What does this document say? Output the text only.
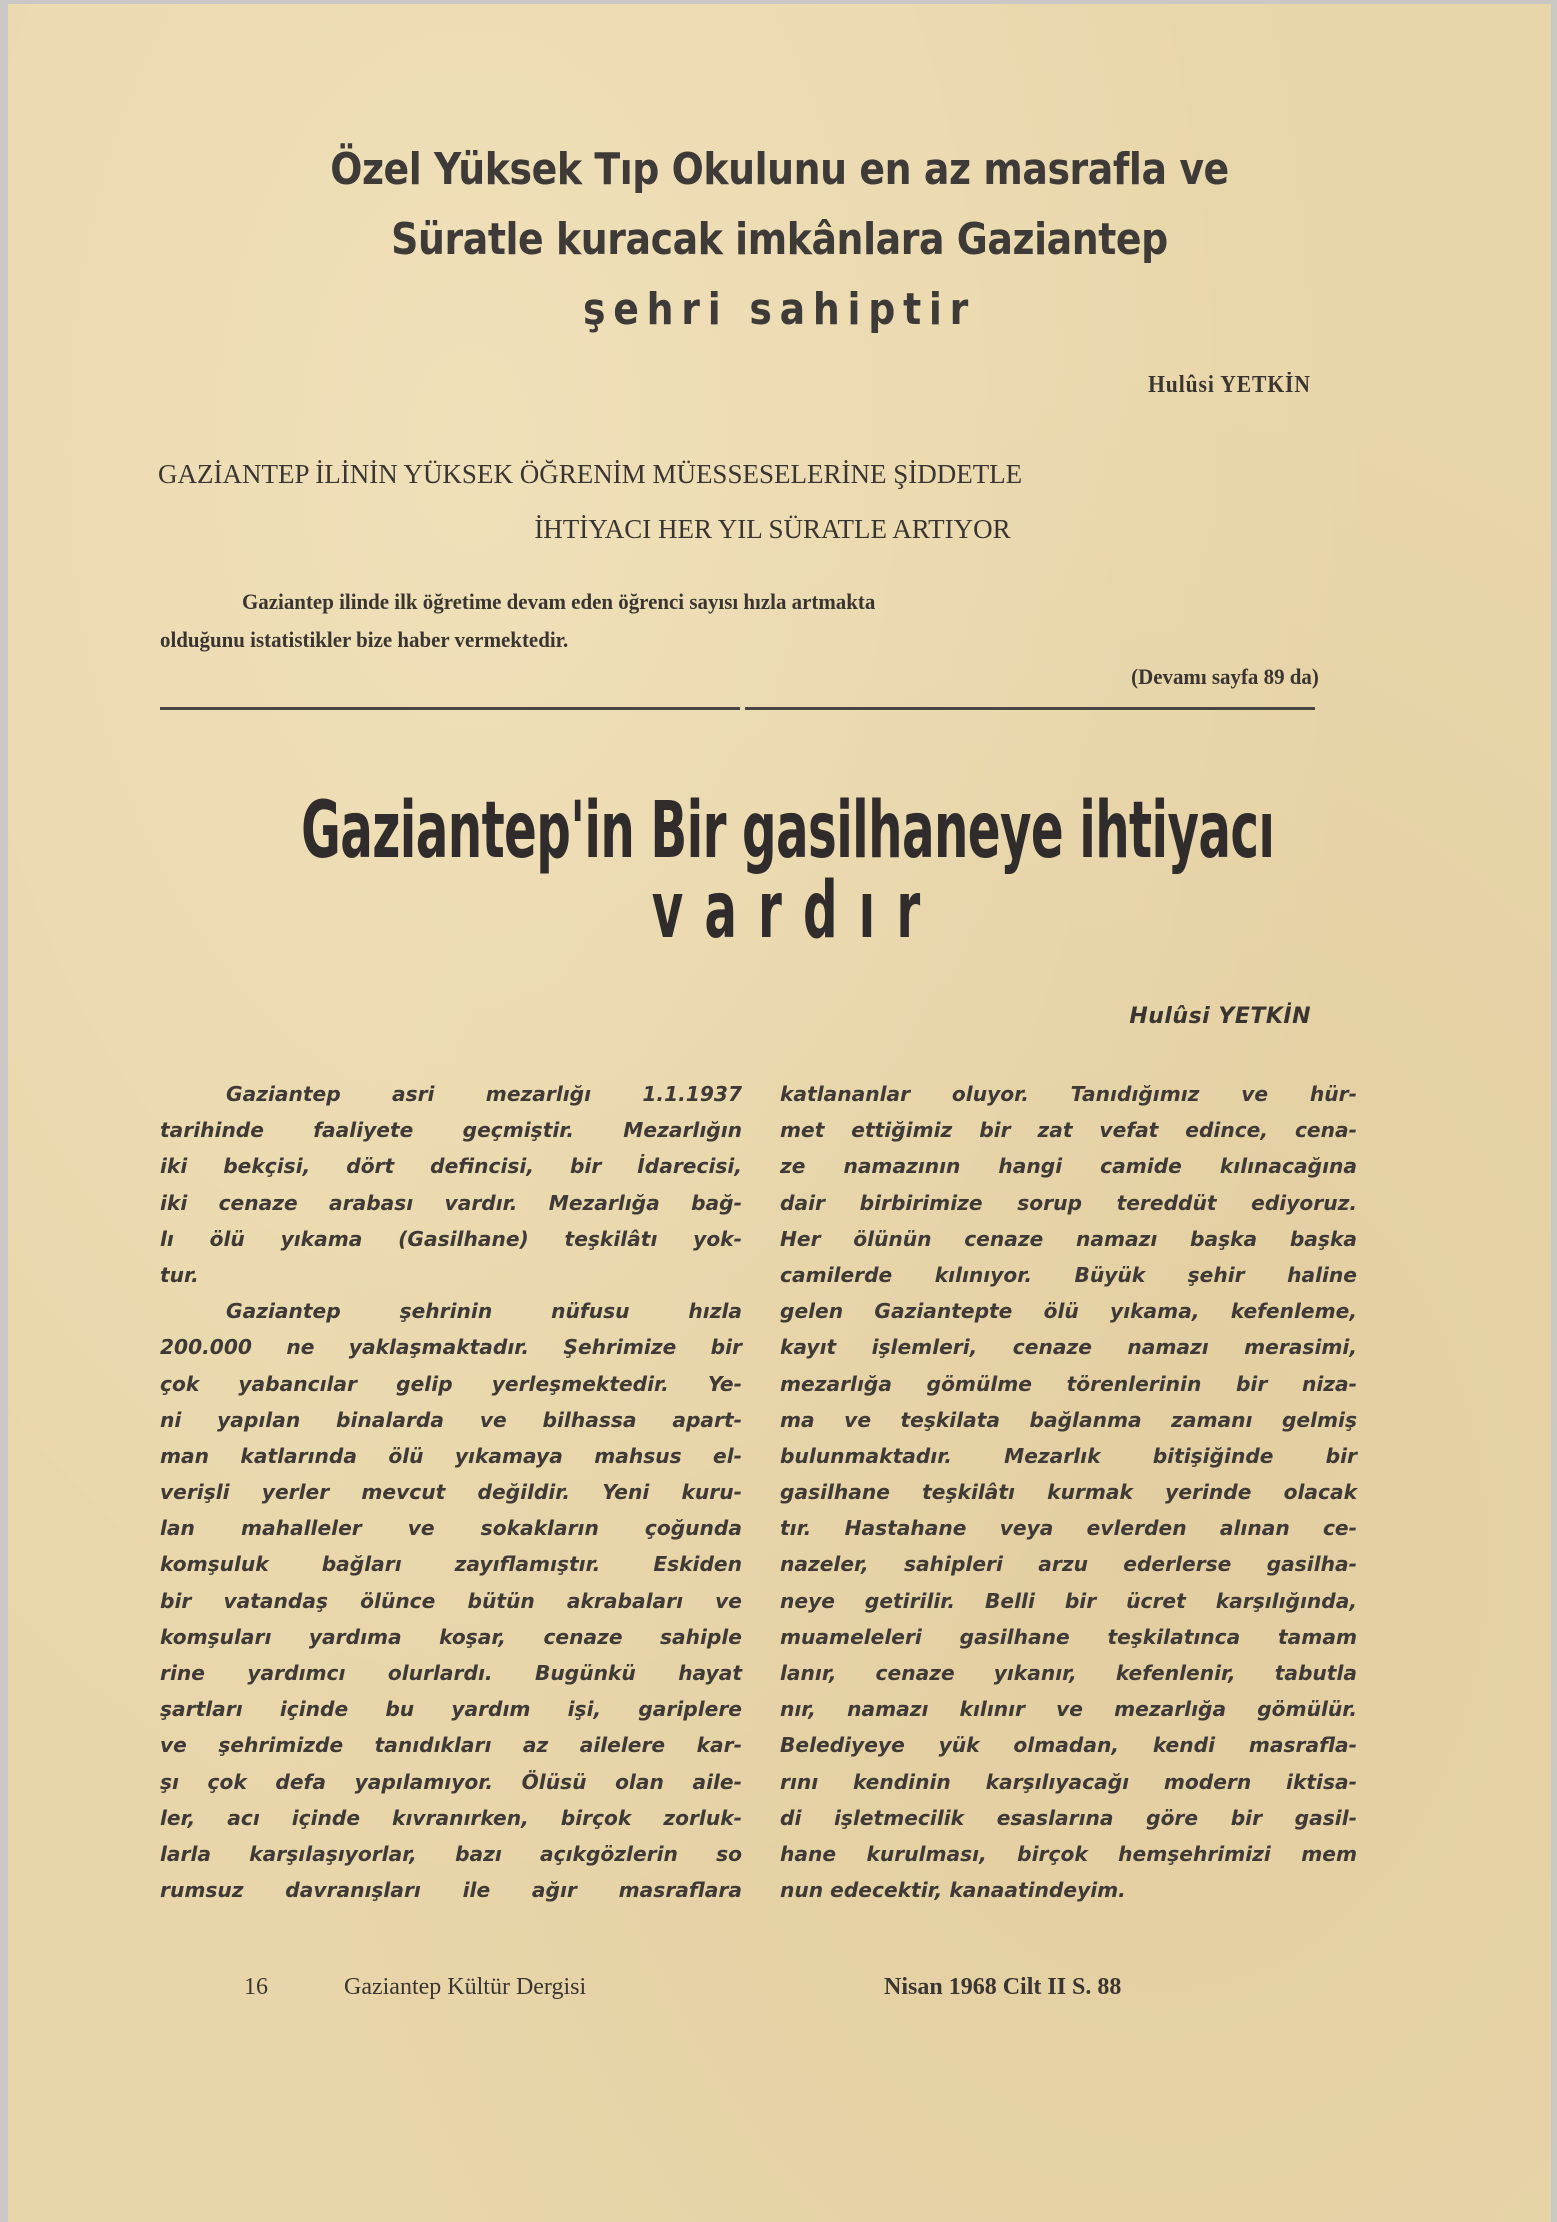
Özel Yüksek Tıp Okulunu en az masrafla ve
Süratle kuracak imkânlara Gaziantep
şehri sahiptir
Hulûsi YETKİN
GAZİANTEP İLİNİN YÜKSEK ÖĞRENİM MÜESSESELERİNE ŞİDDETLE
İHTİYACI HER YIL SÜRATLE ARTIYOR
Gaziantep ilinde ilk öğretime devam eden öğrenci sayısı hızla artmakta
olduğunu istatistikler bize haber vermektedir.
(Devamı sayfa 89 da)
Gaziantep'in Bir gasilhaneye ihtiyacı
vardır
Hulûsi YETKİN
Gaziantep asri mezarlığı 1.1.1937
tarihinde faaliyete geçmiştir. Mezarlığın
iki bekçisi, dört defincisi, bir İdarecisi,
iki cenaze arabası vardır. Mezarlığa bağ-
lı ölü yıkama (Gasilhane) teşkilâtı yok-
tur.
Gaziantep şehrinin nüfusu hızla
200.000 ne yaklaşmaktadır. Şehrimize bir
çok yabancılar gelip yerleşmektedir. Ye-
ni yapılan binalarda ve bilhassa apart-
man katlarında ölü yıkamaya mahsus el-
verişli yerler mevcut değildir. Yeni kuru-
lan mahalleler ve sokakların çoğunda
komşuluk bağları zayıflamıştır. Eskiden
bir vatandaş ölünce bütün akrabaları ve
komşuları yardıma koşar, cenaze sahiple
rine yardımcı olurlardı. Bugünkü hayat
şartları içinde bu yardım işi, gariplere
ve şehrimizde tanıdıkları az ailelere kar-
şı çok defa yapılamıyor. Ölüsü olan aile-
ler, acı içinde kıvranırken, birçok zorluk-
larla karşılaşıyorlar, bazı açıkgözlerin so
rumsuz davranışları ile ağır masraflara
katlananlar oluyor. Tanıdığımız ve hür-
met ettiğimiz bir zat vefat edince, cena-
ze namazının hangi camide kılınacağına
dair birbirimize sorup tereddüt ediyoruz.
Her ölünün cenaze namazı başka başka
camilerde kılınıyor. Büyük şehir haline
gelen Gaziantepte ölü yıkama, kefenleme,
kayıt işlemleri, cenaze namazı merasimi,
mezarlığa gömülme törenlerinin bir niza-
ma ve teşkilata bağlanma zamanı gelmiş
bulunmaktadır. Mezarlık bitişiğinde bir
gasilhane teşkilâtı kurmak yerinde olacak
tır. Hastahane veya evlerden alınan ce-
nazeler, sahipleri arzu ederlerse gasilha-
neye getirilir. Belli bir ücret karşılığında,
muameleleri gasilhane teşkilatınca tamam
lanır, cenaze yıkanır, kefenlenir, tabutla
nır, namazı kılınır ve mezarlığa gömülür.
Belediyeye yük olmadan, kendi masrafla-
rını kendinin karşılıyacağı modern iktisa-
di işletmecilik esaslarına göre bir gasil-
hane kurulması, birçok hemşehrimizi mem
nun edecektir, kanaatindeyim.
16	Gaziantep Kültür Dergisi	Nisan 1968 Cilt II S. 88
